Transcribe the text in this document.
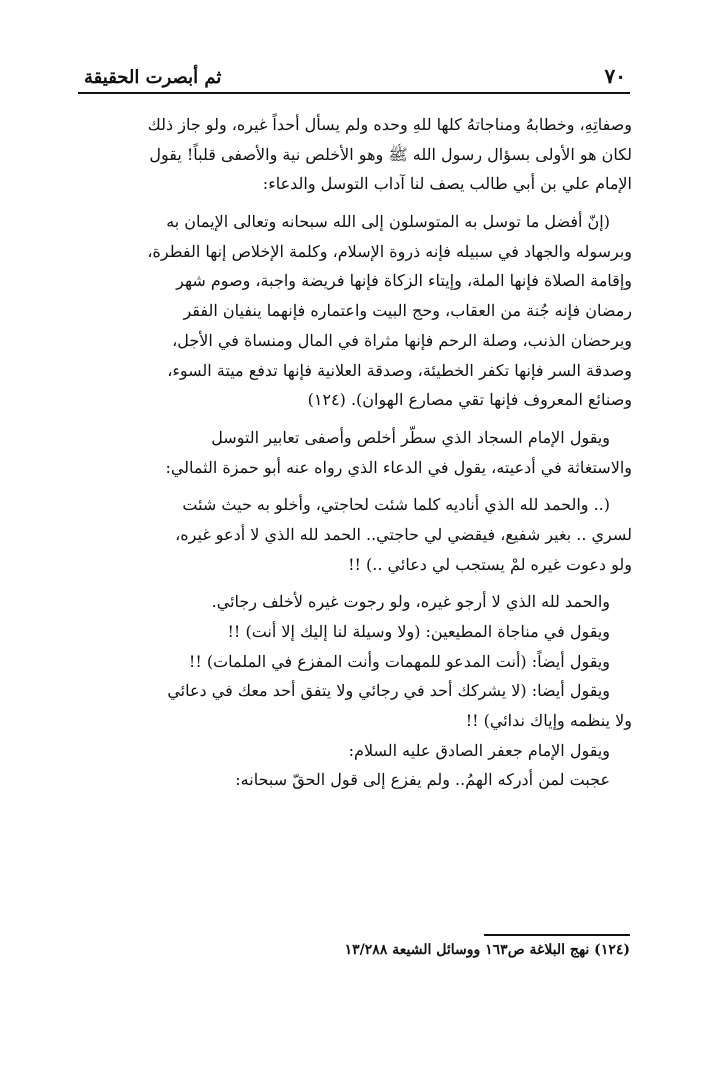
ثم أبصرت الحقيقة	٧٠
وصفاتِهِ، وخطابهُ ومناجاتهُ كلها للهِ وحده ولم يسأل أحداً غيره، ولو جاز ذلك
لكان هو الأولى بسؤال رسول الله ﷺ وهو الأخلص نية والأصفى قلباً! يقول
الإمام علي بن أبي طالب يصف لنا آداب التوسل والدعاء:
(إنّ أفضل ما توسل به المتوسلون إلى الله سبحانه وتعالى الإيمان به
وبرسوله والجهاد في سبيله فإنه ذروة الإسلام، وكلمة الإخلاص إنها الفطرة،
وإقامة الصلاة فإنها الملة، وإيتاء الزكاة فإنها فريضة واجبة، وصوم شهر
رمضان فإنه جُنة من العقاب، وحج البيت واعتماره فإنهما ينفيان الفقر
ويرحضان الذنب، وصلة الرحم فإنها مثراة في المال ومنساة في الأجل،
وصدقة السر فإنها تكفر الخطيئة، وصدقة العلانية فإنها تدفع ميتة السوء،
وصنائع المعروف فإنها تقي مصارع الهوان). (١٢٤)
ويقول الإمام السجاد الذي سطّر أخلص وأصفى تعابير التوسل
والاستغاثة في أدعيته، يقول في الدعاء الذي رواه عنه أبو حمزة الثمالي:
(.. والحمد لله الذي أناديه كلما شئت لحاجتي، وأخلو به حيث شئت
لسري .. بغير شفيع، فيقضي لي حاجتي.. الحمد لله الذي لا أدعو غيره،
ولو دعوت غيره لمْ يستجب لي دعائي ..) !!
والحمد لله الذي لا أرجو غيره، ولو رجوت غيره لأخلف رجائي.
ويقول في مناجاة المطيعين: (ولا وسيلة لنا إليك إلا أنت) !!
ويقول أيضاً: (أنت المدعو للمهمات وأنت المفزع في الملمات) !!
ويقول أيضا: (لا يشركك أحد في رجائي ولا يتفق أحد معك في دعائي
ولا ينظمه وإياك ندائي) !!
ويقول الإمام جعفر الصادق عليه السلام:
عجبت لمن أدركه الهمُ.. ولم يفزع إلى قول الحقّ سبحانه:
(١٢٤) نهج البلاغة ص١٦٣ ووسائل الشيعة ١٣/٢٨٨
